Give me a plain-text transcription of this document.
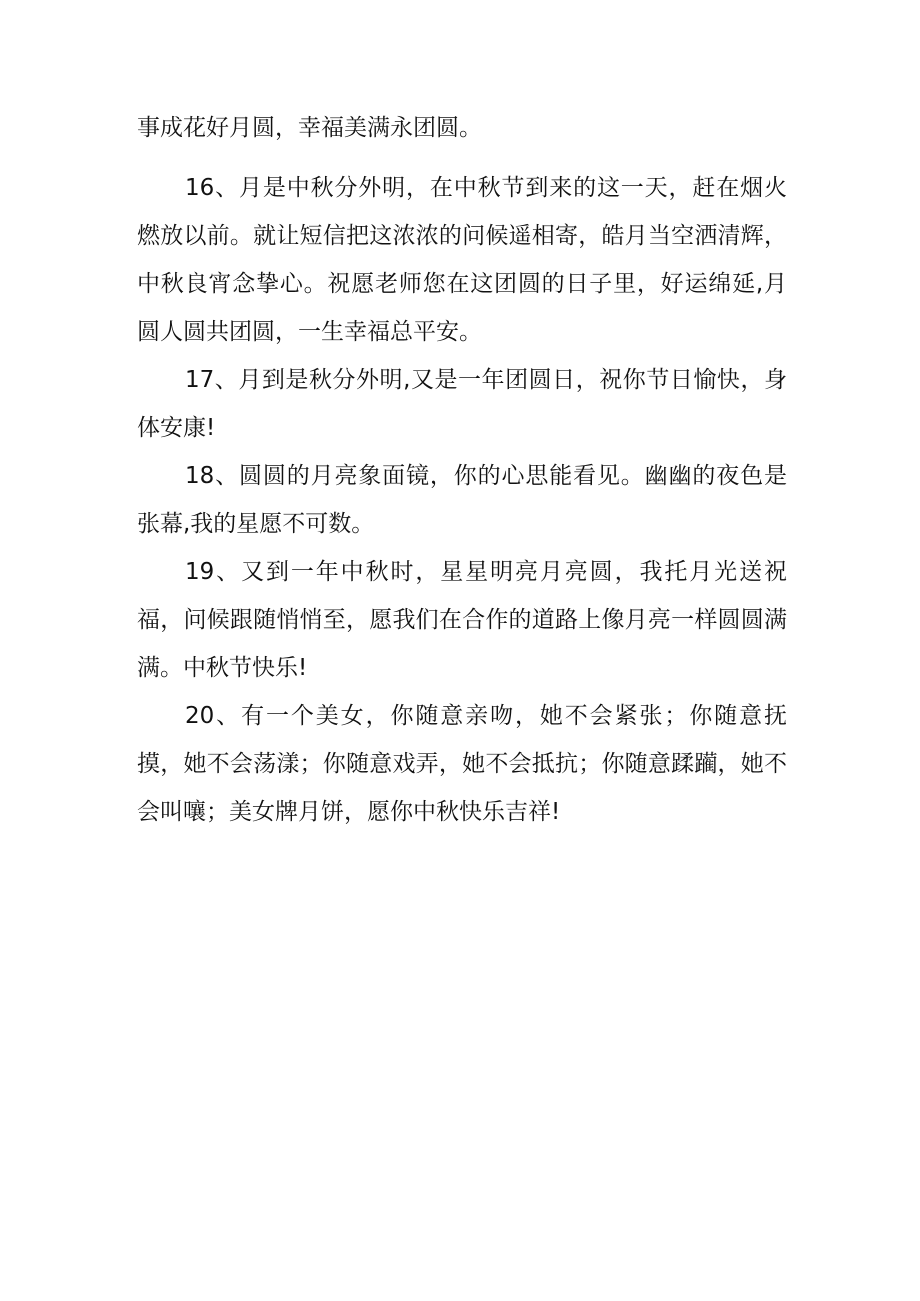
事成花好月圆，幸福美满永团圆。

16、月是中秋分外明，在中秋节到来的这一天，赶在烟火燃放以前。就让短信把这浓浓的问候遥相寄，皓月当空洒清辉，中秋良宵念挚心。祝愿老师您在这团圆的日子里，好运绵延,月圆人圆共团圆，一生幸福总平安。

17、月到是秋分外明,又是一年团圆日，祝你节日愉快，身体安康!

18、圆圆的月亮象面镜，你的心思能看见。幽幽的夜色是张幕,我的星愿不可数。

19、又到一年中秋时，星星明亮月亮圆，我托月光送祝福，问候跟随悄悄至，愿我们在合作的道路上像月亮一样圆圆满满。中秋节快乐!

20、有一个美女，你随意亲吻，她不会紧张；你随意抚摸，她不会荡漾；你随意戏弄，她不会抵抗；你随意蹂躏，她不会叫嚷；美女牌月饼，愿你中秋快乐吉祥!
